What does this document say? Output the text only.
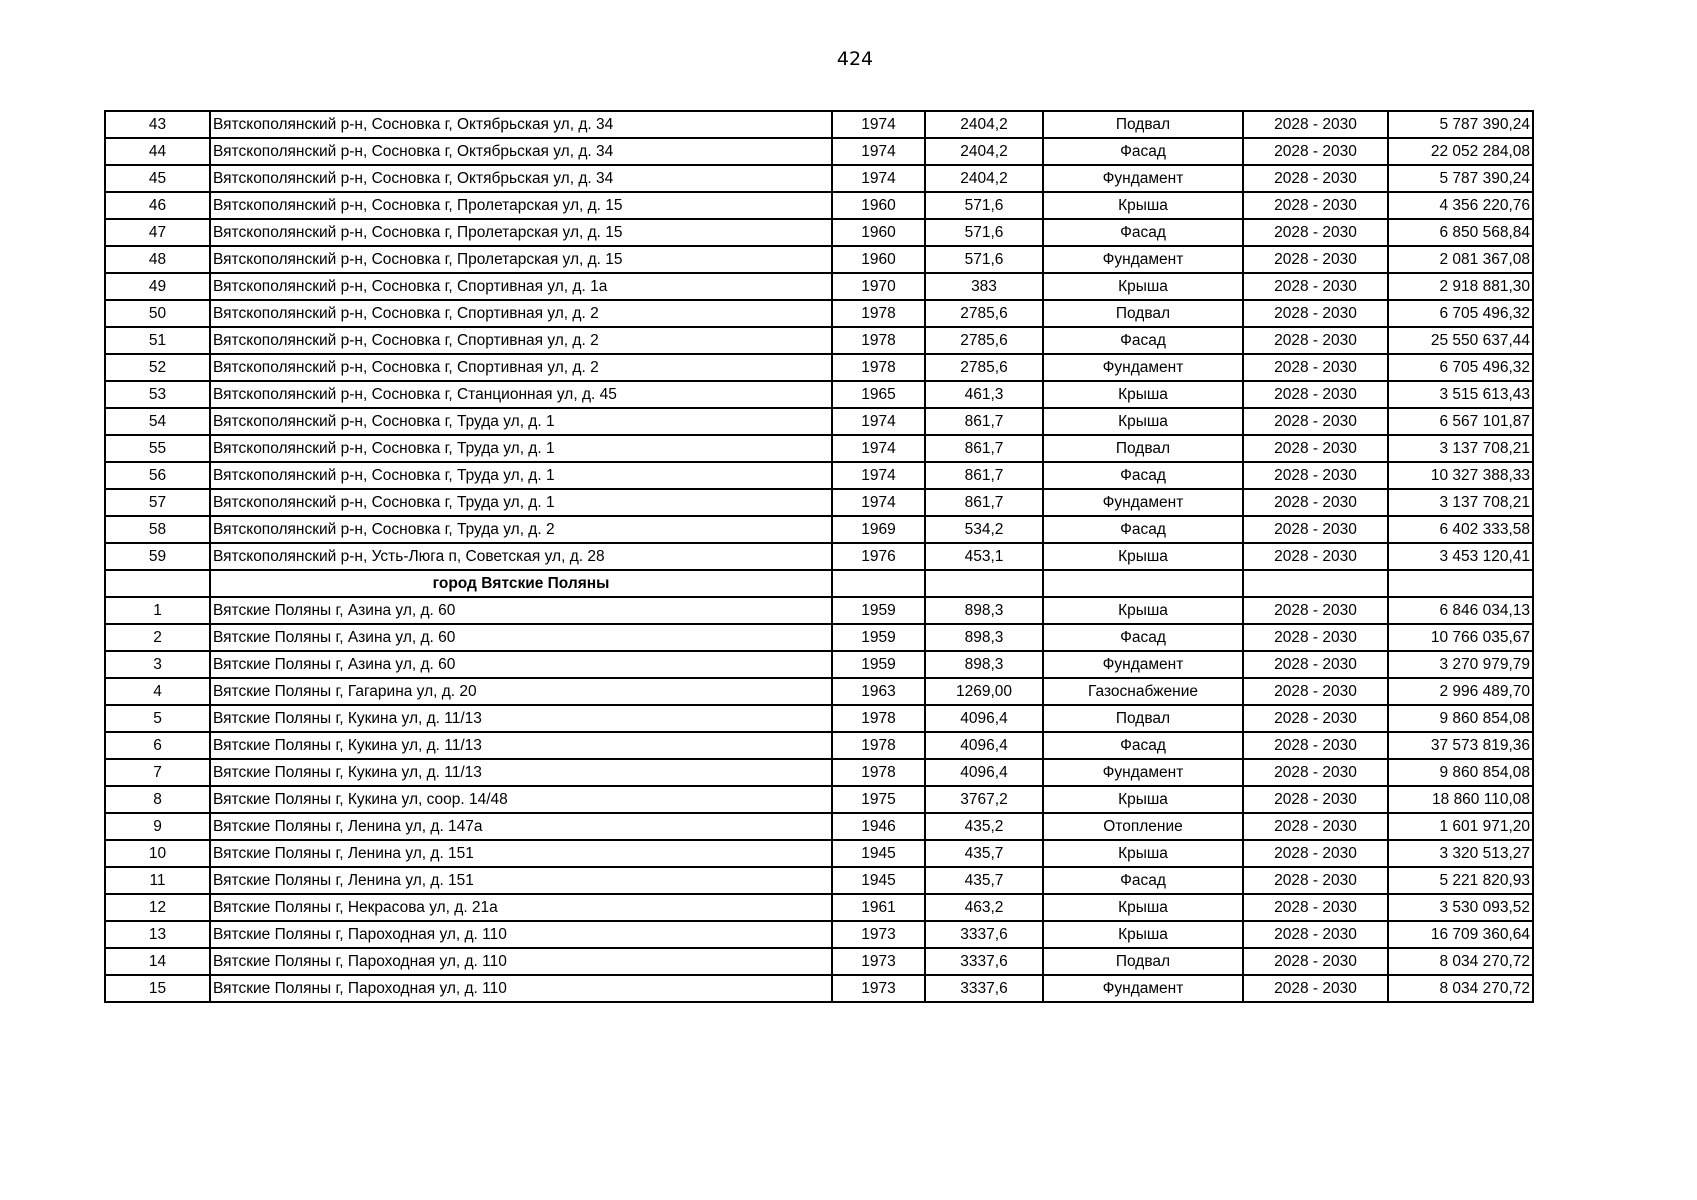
424
43	Вятскополянский р-н, Сосновка г, Октябрьская ул, д. 34	1974	2404,2	Подвал	2028 - 2030	5 787 390,24
44	Вятскополянский р-н, Сосновка г, Октябрьская ул, д. 34	1974	2404,2	Фасад	2028 - 2030	22 052 284,08
45	Вятскополянский р-н, Сосновка г, Октябрьская ул, д. 34	1974	2404,2	Фундамент	2028 - 2030	5 787 390,24
46	Вятскополянский р-н, Сосновка г, Пролетарская ул, д. 15	1960	571,6	Крыша	2028 - 2030	4 356 220,76
47	Вятскополянский р-н, Сосновка г, Пролетарская ул, д. 15	1960	571,6	Фасад	2028 - 2030	6 850 568,84
48	Вятскополянский р-н, Сосновка г, Пролетарская ул, д. 15	1960	571,6	Фундамент	2028 - 2030	2 081 367,08
49	Вятскополянский р-н, Сосновка г, Спортивная ул, д. 1а	1970	383	Крыша	2028 - 2030	2 918 881,30
50	Вятскополянский р-н, Сосновка г, Спортивная ул, д. 2	1978	2785,6	Подвал	2028 - 2030	6 705 496,32
51	Вятскополянский р-н, Сосновка г, Спортивная ул, д. 2	1978	2785,6	Фасад	2028 - 2030	25 550 637,44
52	Вятскополянский р-н, Сосновка г, Спортивная ул, д. 2	1978	2785,6	Фундамент	2028 - 2030	6 705 496,32
53	Вятскополянский р-н, Сосновка г, Станционная ул, д. 45	1965	461,3	Крыша	2028 - 2030	3 515 613,43
54	Вятскополянский р-н, Сосновка г, Труда ул, д. 1	1974	861,7	Крыша	2028 - 2030	6 567 101,87
55	Вятскополянский р-н, Сосновка г, Труда ул, д. 1	1974	861,7	Подвал	2028 - 2030	3 137 708,21
56	Вятскополянский р-н, Сосновка г, Труда ул, д. 1	1974	861,7	Фасад	2028 - 2030	10 327 388,33
57	Вятскополянский р-н, Сосновка г, Труда ул, д. 1	1974	861,7	Фундамент	2028 - 2030	3 137 708,21
58	Вятскополянский р-н, Сосновка г, Труда ул, д. 2	1969	534,2	Фасад	2028 - 2030	6 402 333,58
59	Вятскополянский р-н, Усть-Люга п, Советская ул, д. 28	1976	453,1	Крыша	2028 - 2030	3 453 120,41
	город Вятские Поляны					
1	Вятские Поляны г, Азина ул, д. 60	1959	898,3	Крыша	2028 - 2030	6 846 034,13
2	Вятские Поляны г, Азина ул, д. 60	1959	898,3	Фасад	2028 - 2030	10 766 035,67
3	Вятские Поляны г, Азина ул, д. 60	1959	898,3	Фундамент	2028 - 2030	3 270 979,79
4	Вятские Поляны г, Гагарина ул, д. 20	1963	1269,00	Газоснабжение	2028 - 2030	2 996 489,70
5	Вятские Поляны г, Кукина ул, д. 11/13	1978	4096,4	Подвал	2028 - 2030	9 860 854,08
6	Вятские Поляны г, Кукина ул, д. 11/13	1978	4096,4	Фасад	2028 - 2030	37 573 819,36
7	Вятские Поляны г, Кукина ул, д. 11/13	1978	4096,4	Фундамент	2028 - 2030	9 860 854,08
8	Вятские Поляны г, Кукина ул, соор. 14/48	1975	3767,2	Крыша	2028 - 2030	18 860 110,08
9	Вятские Поляны г, Ленина ул, д. 147а	1946	435,2	Отопление	2028 - 2030	1 601 971,20
10	Вятские Поляны г, Ленина ул, д. 151	1945	435,7	Крыша	2028 - 2030	3 320 513,27
11	Вятские Поляны г, Ленина ул, д. 151	1945	435,7	Фасад	2028 - 2030	5 221 820,93
12	Вятские Поляны г, Некрасова ул, д. 21а	1961	463,2	Крыша	2028 - 2030	3 530 093,52
13	Вятские Поляны г, Пароходная ул, д. 110	1973	3337,6	Крыша	2028 - 2030	16 709 360,64
14	Вятские Поляны г, Пароходная ул, д. 110	1973	3337,6	Подвал	2028 - 2030	8 034 270,72
15	Вятские Поляны г, Пароходная ул, д. 110	1973	3337,6	Фундамент	2028 - 2030	8 034 270,72
